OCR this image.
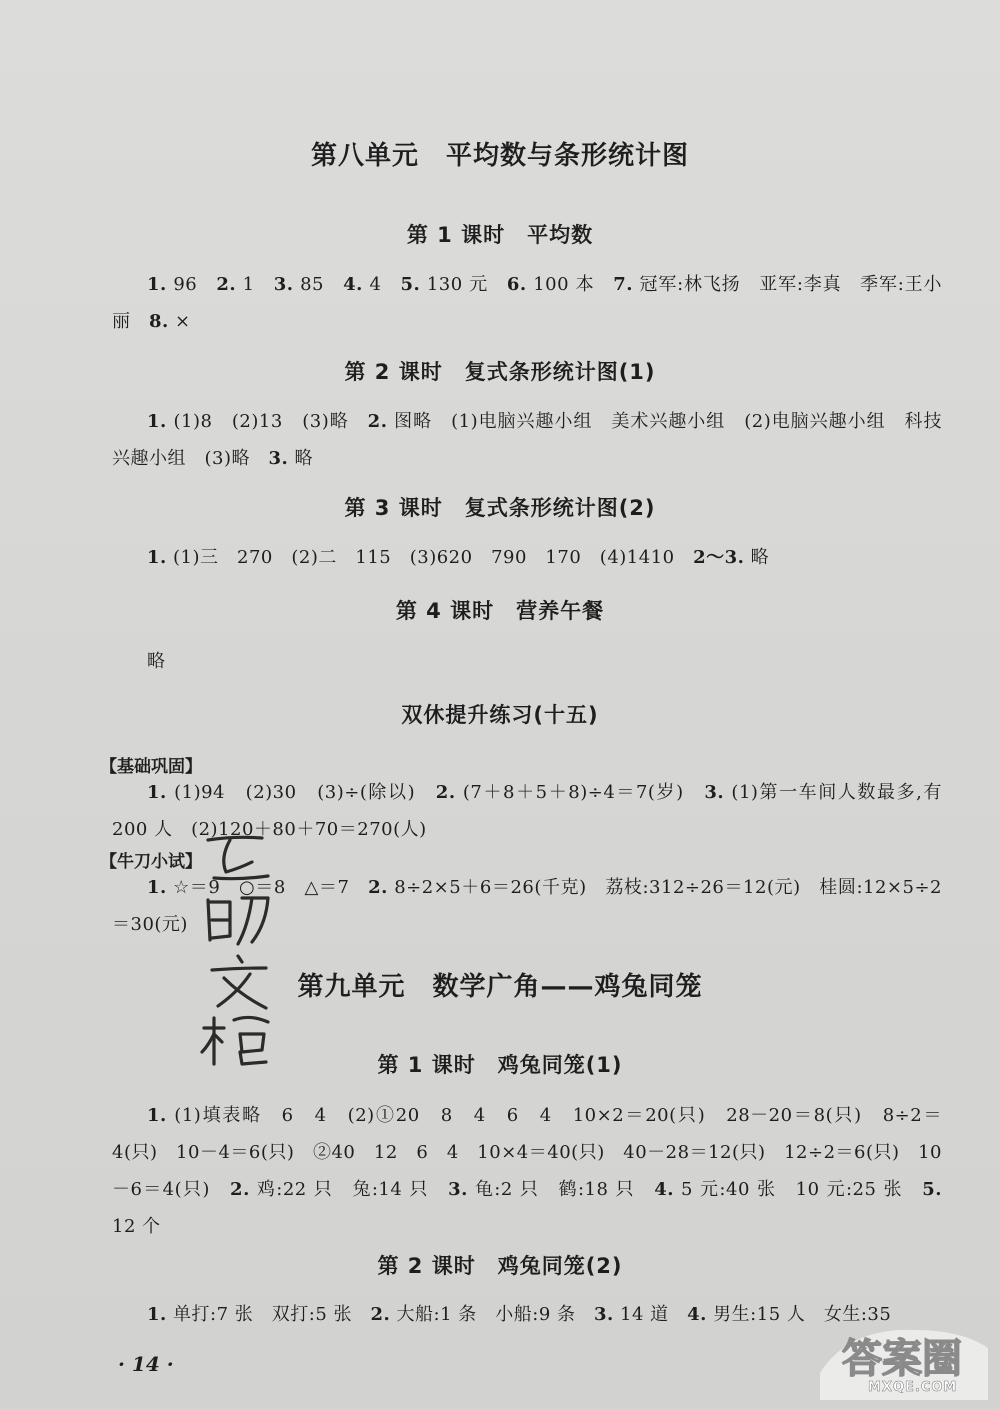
第八单元　平均数与条形统计图
第 1 课时　平均数
1. 96　2. 1　3. 85　4. 4　5. 130 元　6. 100 本　7. 冠军:林飞扬　亚军:李真　季军:王小丽　8. ×
第 2 课时　复式条形统计图(1)
1. (1)8　(2)13　(3)略　2. 图略　(1)电脑兴趣小组　美术兴趣小组　(2)电脑兴趣小组　科技兴趣小组　(3)略　3. 略
第 3 课时　复式条形统计图(2)
1. (1)三　270　(2)二　115　(3)620　790　170　(4)1410　2～3. 略
第 4 课时　营养午餐
略
双休提升练习(十五)
【基础巩固】
1. (1)94　(2)30　(3)÷(除以)　2. (7＋8＋5＋8)÷4＝7(岁)　3. (1)第一车间人数最多,有 200 人　(2)120＋80＋70＝270(人)
【牛刀小试】
1. ☆＝9　○＝8　△＝7　2. 8÷2×5＋6＝26(千克)　荔枝:312÷26＝12(元)　桂圆:12×5÷2＝30(元)
第九单元　数学广角——鸡兔同笼
第 1 课时　鸡兔同笼(1)
1. (1)填表略　6　4　(2)①20　8　4　6　4　10×2＝20(只)　28－20＝8(只)　8÷2＝4(只)　10－4＝6(只)　②40　12　6　4　10×4＝40(只)　40－28＝12(只)　12÷2＝6(只)　10－6＝4(只)　2. 鸡:22 只　兔:14 只　3. 龟:2 只　鹤:18 只　4. 5 元:40 张　10 元:25 张　5. 12 个
第 2 课时　鸡兔同笼(2)
1. 单打:7 张　双打:5 张　2. 大船:1 条　小船:9 条　3. 14 道　4. 男生:15 人　女生:35
· 14 ·	答案圈
MXQE.COM
